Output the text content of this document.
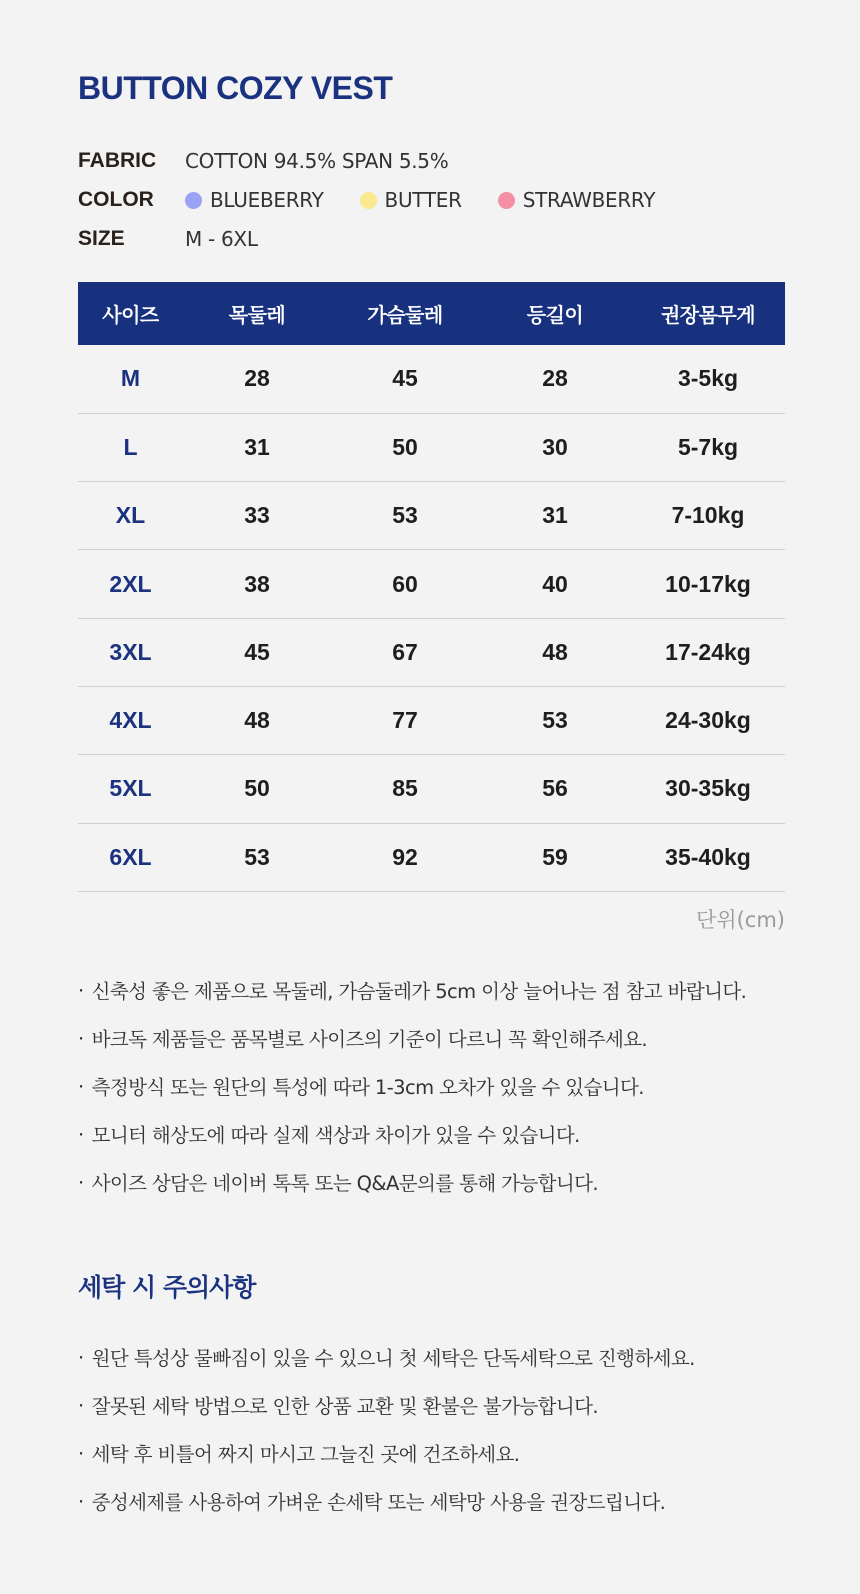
BUTTON COZY VEST
FABRIC	COTTON 94.5% SPAN 5.5%
COLOR	BLUEBERRY	BUTTER	STRAWBERRY
SIZE	M - 6XL
사이즈	목둘레	가슴둘레	등길이	권장몸무게
M	28	45	28	3-5kg
L	31	50	30	5-7kg
XL	33	53	31	7-10kg
2XL	38	60	40	10-17kg
3XL	45	67	48	17-24kg
4XL	48	77	53	24-30kg
5XL	50	85	56	30-35kg
6XL	53	92	59	35-40kg
단위(cm)
· 신축성 좋은 제품으로 목둘레, 가슴둘레가 5cm 이상 늘어나는 점 참고 바랍니다.
· 바크독 제품들은 품목별로 사이즈의 기준이 다르니 꼭 확인해주세요.
· 측정방식 또는 원단의 특성에 따라 1-3cm 오차가 있을 수 있습니다.
· 모니터 해상도에 따라 실제 색상과 차이가 있을 수 있습니다.
· 사이즈 상담은 네이버 톡톡 또는 Q&A문의를 통해 가능합니다.
세탁 시 주의사항
· 원단 특성상 물빠짐이 있을 수 있으니 첫 세탁은 단독세탁으로 진행하세요.
· 잘못된 세탁 방법으로 인한 상품 교환 및 환불은 불가능합니다.
· 세탁 후 비틀어 짜지 마시고 그늘진 곳에 건조하세요.
· 중성세제를 사용하여 가벼운 손세탁 또는 세탁망 사용을 권장드립니다.
